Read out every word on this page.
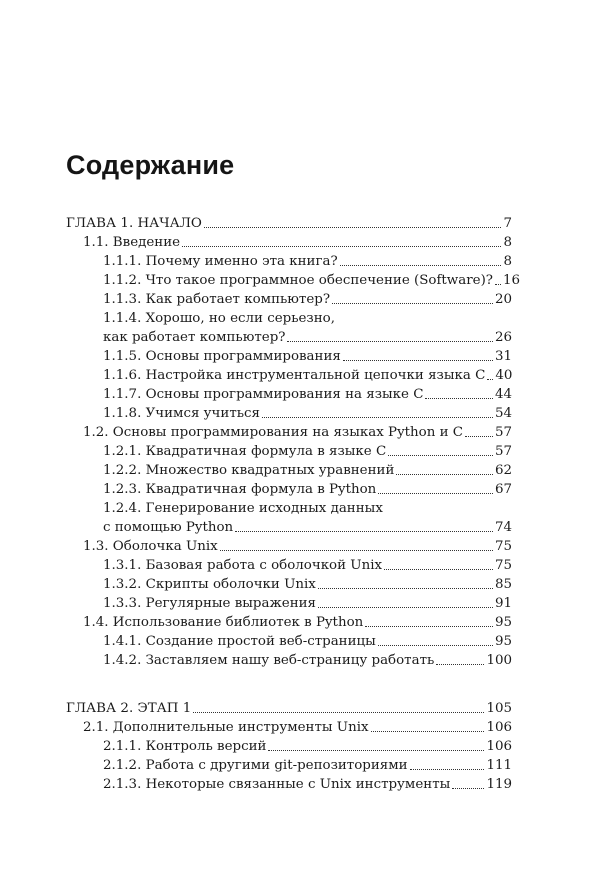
Содержание
ГЛАВА 1. НАЧАЛО	7
1.1. Введение	8
1.1.1. Почему именно эта книга?	8
1.1.2. Что такое программное обеспечение (Software)? 16
1.1.3. Как работает компьютер?	20
1.1.4. Хорошо, но если серьезно,
как работает компьютер?	26
1.1.5. Основы программирования	31
1.1.6. Настройка инструментальной цепочки языка С 40
1.1.7. Основы программирования на языке С	44
1.1.8. Учимся учиться	54
1.2. Основы программирования на языках Python и С 57
1.2.1. Квадратичная формула в языке С	57
1.2.2. Множество квадратных уравнений	62
1.2.3. Квадратичная формула в Python	67
1.2.4. Генерирование исходных данных
с помощью Python	74
1.3. Оболочка Unix	75
1.3.1. Базовая работа с оболочкой Unix	75
1.3.2. Скрипты оболочки Unix	85
1.3.3. Регулярные выражения	91
1.4. Использование библиотек в Python	95
1.4.1. Создание простой веб-страницы	95
1.4.2. Заставляем нашу веб-страницу работать	100
ГЛАВА 2. ЭТАП 1	105
2.1. Дополнительные инструменты Unix	106
2.1.1. Контроль версий	106
2.1.2. Работа с другими git-репозиториями	111
2.1.3. Некоторые связанные с Unix инструменты	119
